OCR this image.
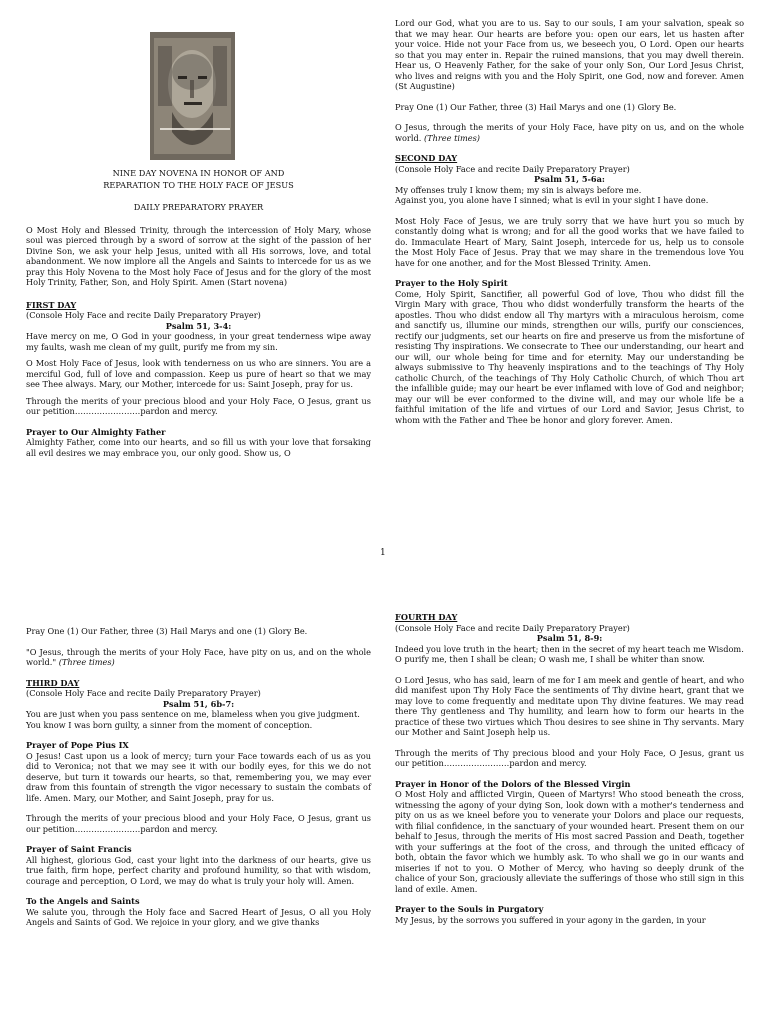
NINE DAY NOVENA IN HONOR OF AND

REPARATION TO THE HOLY FACE OF JESUS

DAILY PREPARATORY PRAYER

O Most Holy and Blessed Trinity, through the intercession of Holy Mary, whose soul was pierced through by a sword of sorrow at the sight of the passion of her Divine Son, we ask your help Jesus, united with all His sorrows, love, and total abandonment. We now implore all the Angels and Saints to intercede for us as we pray this Holy Novena to the Most holy Face of Jesus and for the glory of the most Holy Trinity, Father, Son, and Holy Spirit. Amen (Start novena)

FIRST DAY

(Console Holy Face and recite Daily Preparatory Prayer)

Psalm 51, 3-4:

Have mercy on me, O God in your goodness, in your great tenderness wipe away my faults, wash me clean of my guilt, purify me from my sin.

O Most Holy Face of Jesus, look with tenderness on us who are sinners. You are a merciful God, full of love and compassion. Keep us pure of heart so that we may see Thee always. Mary, our Mother, intercede for us: Saint Joseph, pray for us.

Through the merits of your precious blood and your Holy Face, O Jesus, grant us our petition……………………pardon and mercy.

Prayer to Our Almighty Father

Almighty Father, come into our hearts, and so fill us with your love that forsaking all evil desires we may embrace you, our only good. Show us, O

Lord our God, what you are to us. Say to our souls, I am your salvation, speak so that we may hear. Our hearts are before you: open our ears, let us hasten after your voice. Hide not your Face from us, we beseech you, O Lord. Open our hearts so that you may enter in. Repair the ruined mansions, that you may dwell therein. Hear us, O Heavenly Father, for the sake of your only Son, Our Lord Jesus Christ, who lives and reigns with you and the Holy Spirit, one God, now and forever. Amen (St Augustine)

Pray One (1) Our Father, three (3) Hail Marys and one (1) Glory Be.

O Jesus, through the merits of your Holy Face, have pity on us, and on the whole world. (Three times)

SECOND DAY

(Console Holy Face and recite Daily Preparatory Prayer)

Psalm 51, 5-6a:

My offenses truly I know them; my sin is always before me.

Against you, you alone have I sinned; what is evil in your sight I have done.

Most Holy Face of Jesus, we are truly sorry that we have hurt you so much by constantly doing what is wrong; and for all the good works that we have failed to do. Immaculate Heart of Mary, Saint Joseph, intercede for us, help us to console the Most Holy Face of Jesus. Pray that we may share in the tremendous love You have for one another, and for the Most Blessed Trinity. Amen.

Prayer to the Holy Spirit

Come, Holy Spirit, Sanctifier, all powerful God of love, Thou who didst fill the Virgin Mary with grace, Thou who didst wonderfully transform the hearts of the apostles. Thou who didst endow all Thy martyrs with a miraculous heroism, come and sanctify us, illumine our minds, strengthen our wills, purify our consciences, rectify our judgments, set our hearts on fire and preserve us from the misfortune of resisting Thy inspirations. We consecrate to Thee our understanding, our heart and our will, our whole being for time and for eternity. May our understanding be always submissive to Thy heavenly inspirations and to the teachings of Thy Holy catholic Church, of the teachings of Thy Holy Catholic Church, of which Thou art the infallible guide; may our heart be ever inflamed with love of God and neighbor; may our will be ever conformed to the divine will, and may our whole life be a faithful imitation of the life and virtues of our Lord and Savior, Jesus Christ, to whom with the Father and Thee be honor and glory forever. Amen.

1

Pray One (1) Our Father, three (3) Hail Marys and one (1) Glory Be.

"O Jesus, through the merits of your Holy Face, have pity on us, and on the whole world." (Three times)

THIRD DAY

(Console Holy Face and recite Daily Preparatory Prayer)

Psalm 51, 6b-7:

You are just when you pass sentence on me, blameless when you give judgment.

You know I was born guilty, a sinner from the moment of conception.

Prayer of Pope Pius IX

O Jesus! Cast upon us a look of mercy; turn your Face towards each of us as you did to Veronica; not that we may see it with our bodily eyes, for this we do not deserve, but turn it towards our hearts, so that, remembering you, we may ever draw from this fountain of strength the vigor necessary to sustain the combats of life. Amen. Mary, our Mother, and Saint Joseph, pray for us.

Through the merits of your precious blood and your Holy Face, O Jesus, grant us our petition……………………pardon and mercy.

Prayer of Saint Francis

All highest, glorious God, cast your light into the darkness of our hearts, give us true faith, firm hope, perfect charity and profound humility, so that with wisdom, courage and perception, O Lord, we may do what is truly your holy will. Amen.

To the Angels and Saints

We salute you, through the Holy face and Sacred Heart of Jesus, O all you Holy Angels and Saints of God. We rejoice in your glory, and we give thanks

FOURTH DAY

(Console Holy Face and recite Daily Preparatory Prayer)

Psalm 51, 8-9:

Indeed you love truth in the heart; then in the secret of my heart teach me Wisdom.

O purify me, then I shall be clean; O wash me, I shall be whiter than snow.

O Lord Jesus, who has said, learn of me for I am meek and gentle of heart, and who did manifest upon Thy Holy Face the sentiments of Thy divine heart, grant that we may love to come frequently and meditate upon Thy divine features. We may read there Thy gentleness and Thy humility, and learn how to form our hearts in the practice of these two virtues which Thou desires to see shine in Thy servants. Mary our Mother and Saint Joseph help us.

Through the merits of Thy precious blood and your Holy Face, O Jesus, grant us our petition……………………pardon and mercy.

Prayer in Honor of the Dolors of the Blessed Virgin

O Most Holy and afflicted Virgin, Queen of Martyrs! Who stood beneath the cross, witnessing the agony of your dying Son, look down with a mother's tenderness and pity on us as we kneel before you to venerate your Dolors and place our requests, with filial confidence, in the sanctuary of your wounded heart. Present them on our behalf to Jesus, through the merits of His most sacred Passion and Death, together with your sufferings at the foot of the cross, and through the united efficacy of both, obtain the favor which we humbly ask. To who shall we go in our wants and miseries if not to you. O Mother of Mercy, who having so deeply drunk of the chalice of your Son, graciously alleviate the sufferings of those who still sign in this land of exile. Amen.

Prayer to the Souls in Purgatory

My Jesus, by the sorrows you suffered in your agony in the garden, in your
